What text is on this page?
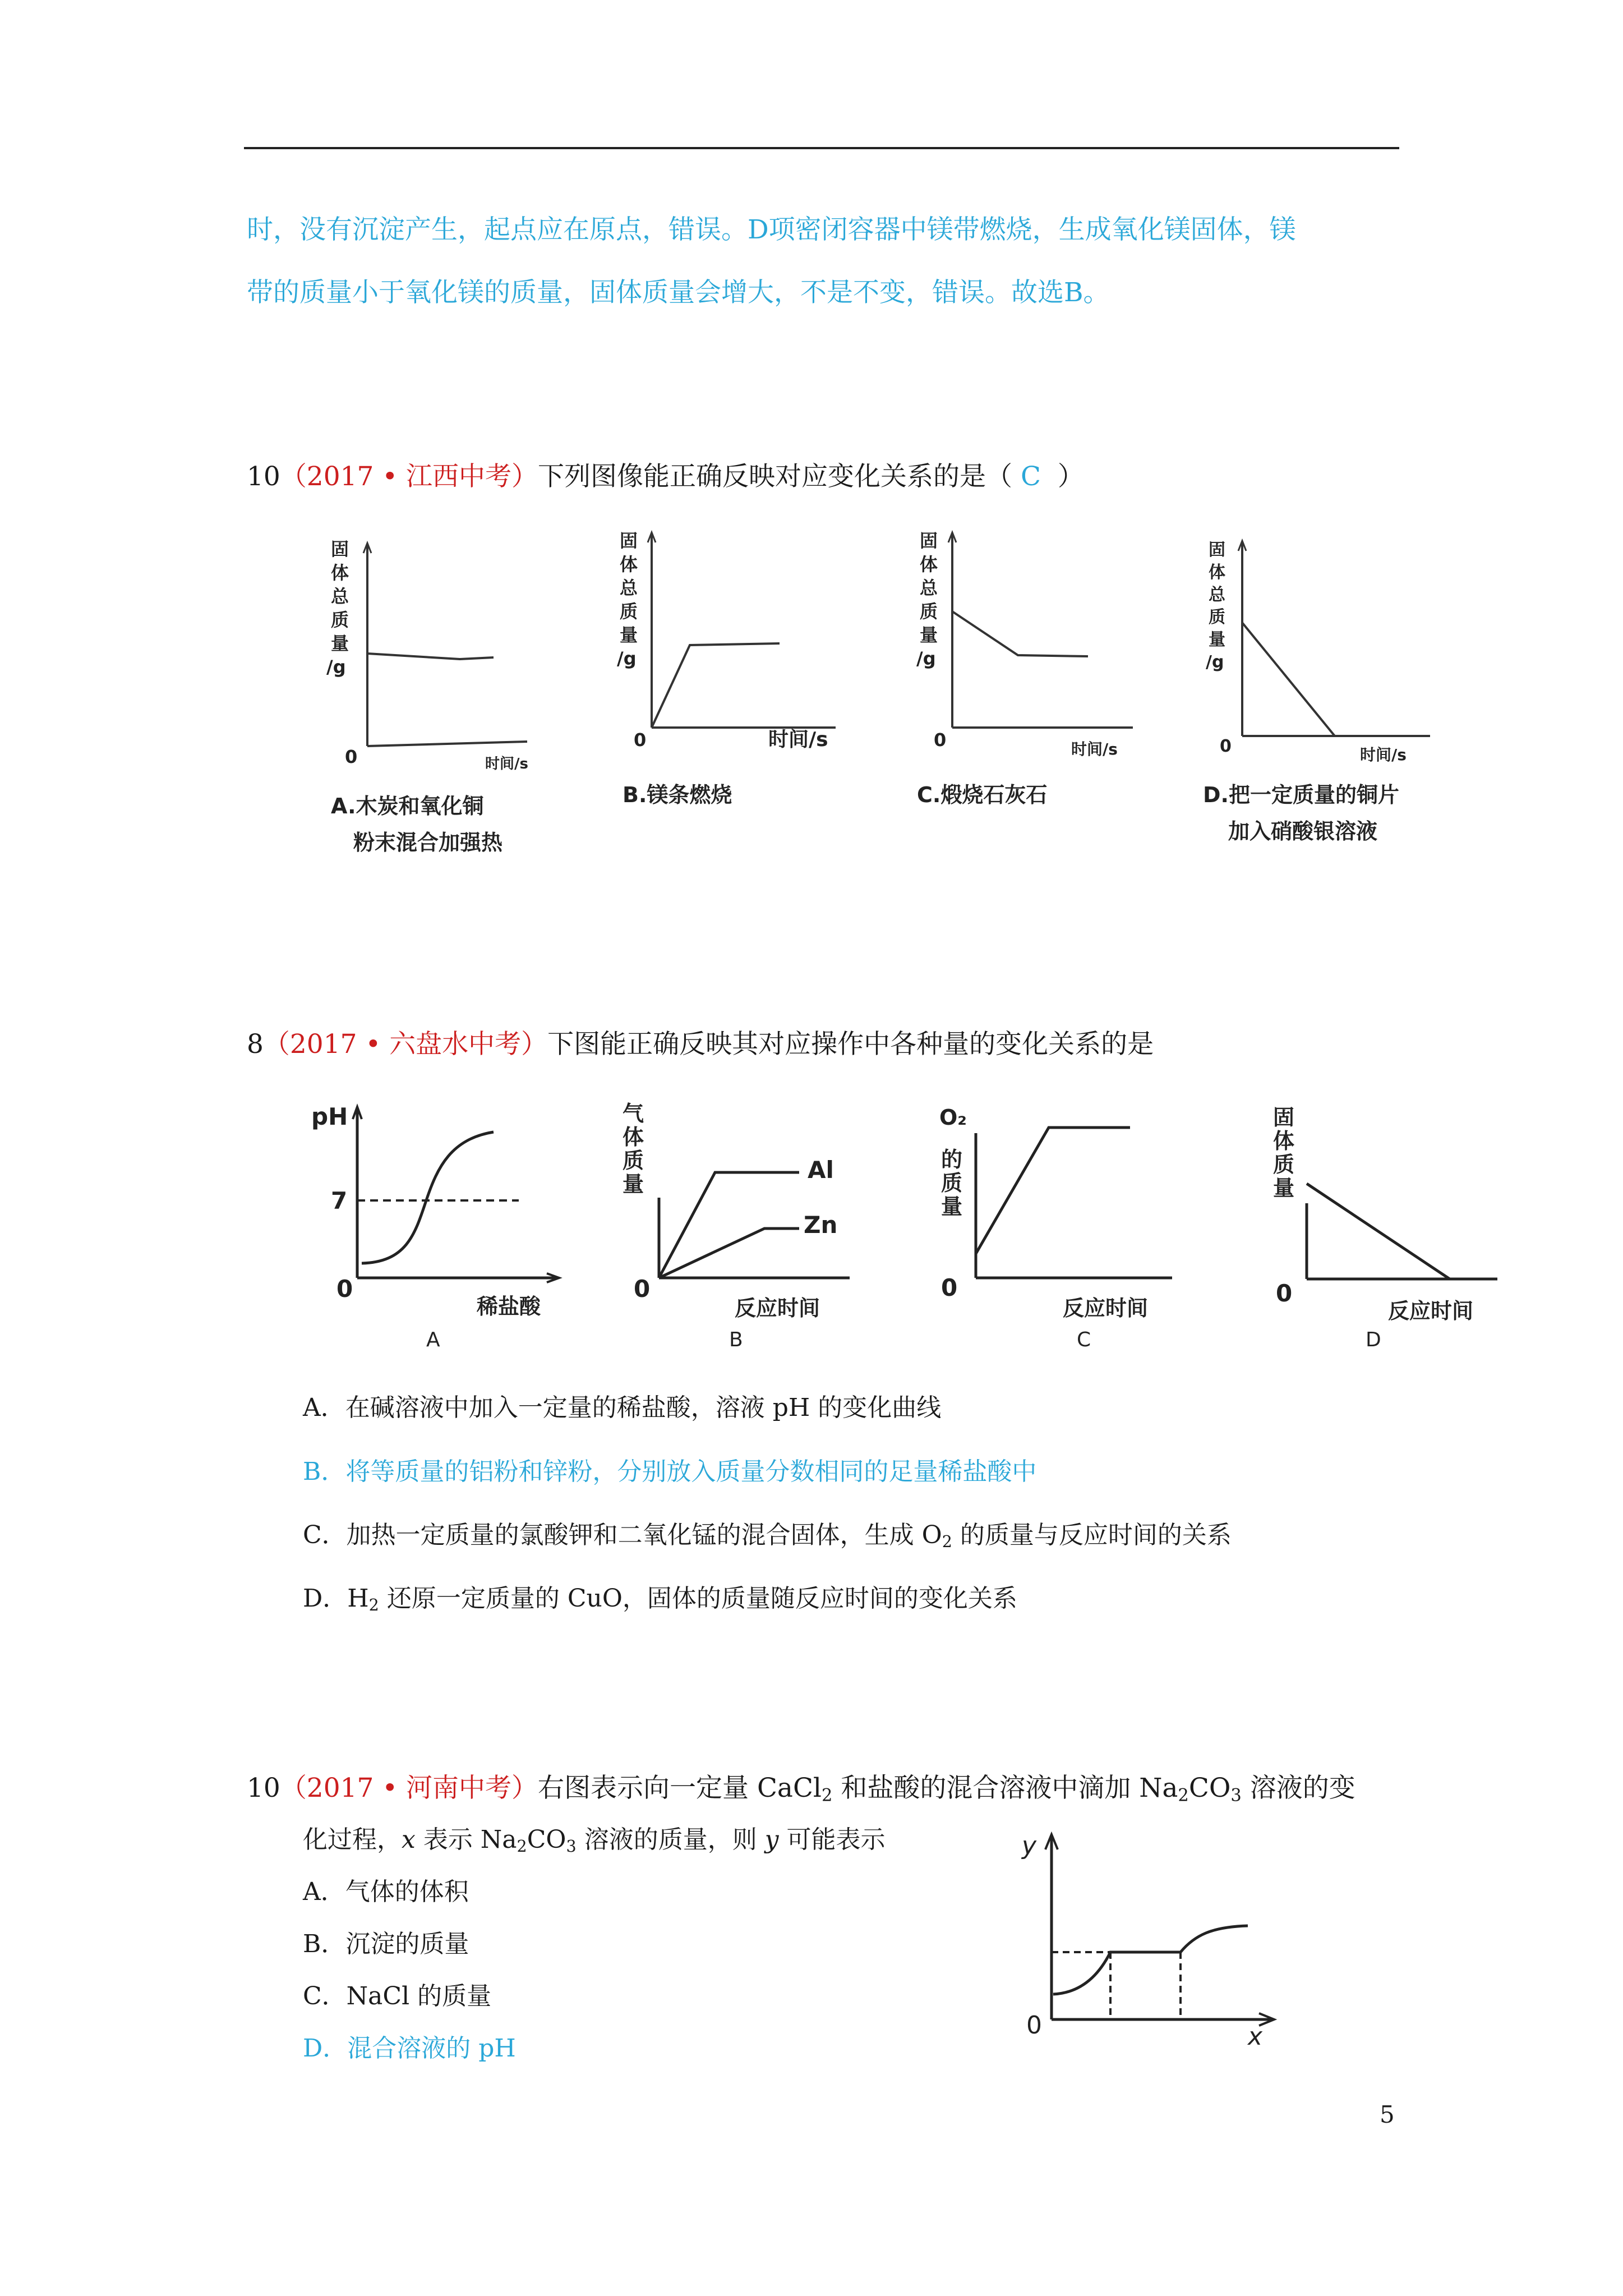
时，没有沉淀产生，起点应在原点，错误。D项密闭容器中镁带燃烧，生成氧化镁固体，镁
带的质量小于氧化镁的质量，固体质量会增大，不是不变，错误。故选B。
10（2017 • 江西中考）下列图像能正确反映对应变化关系的是（ C ）
固
体
总
质
量
/g
0	时间/s
A.木炭和氧化铜
粉末混合加强热
固
体
总
质
量
/g
0	时间/s
B.镁条燃烧
固
体
总
质
量
/g
0	时间/s
C.煅烧石灰石
固
体
总
质
量
/g
0	时间/s
D.把一定质量的铜片
加入硝酸银溶液
8（2017 • 六盘水中考）下图能正确反映其对应操作中各种量的变化关系的是
pH
7
0
稀盐酸
A
气
体
质
量
0
反应时间
Al
Zn
B
O₂
的
质
量
0
反应时间
C
固
体
质
量
0
反应时间
D
A．在碱溶液中加入一定量的稀盐酸，溶液 pH 的变化曲线
B．将等质量的铝粉和锌粉，分别放入质量分数相同的足量稀盐酸中
C．加热一定质量的氯酸钾和二氧化锰的混合固体，生成 $O_2$ 的质量与反应时间的关系
D．$H_2$ 还原一定质量的 CuO，固体的质量随反应时间的变化关系
10（2017 • 河南中考）右图表示向一定量 CaCl$_2$ 和盐酸的混合溶液中滴加 $Na_2CO_3$ 溶液的变
化过程，x 表示 $Na_2CO_3$ 溶液的质量，则 y 可能表示
A．气体的体积
B．沉淀的质量
C．NaCl 的质量
D．混合溶液的 pH
y
0	x
5
